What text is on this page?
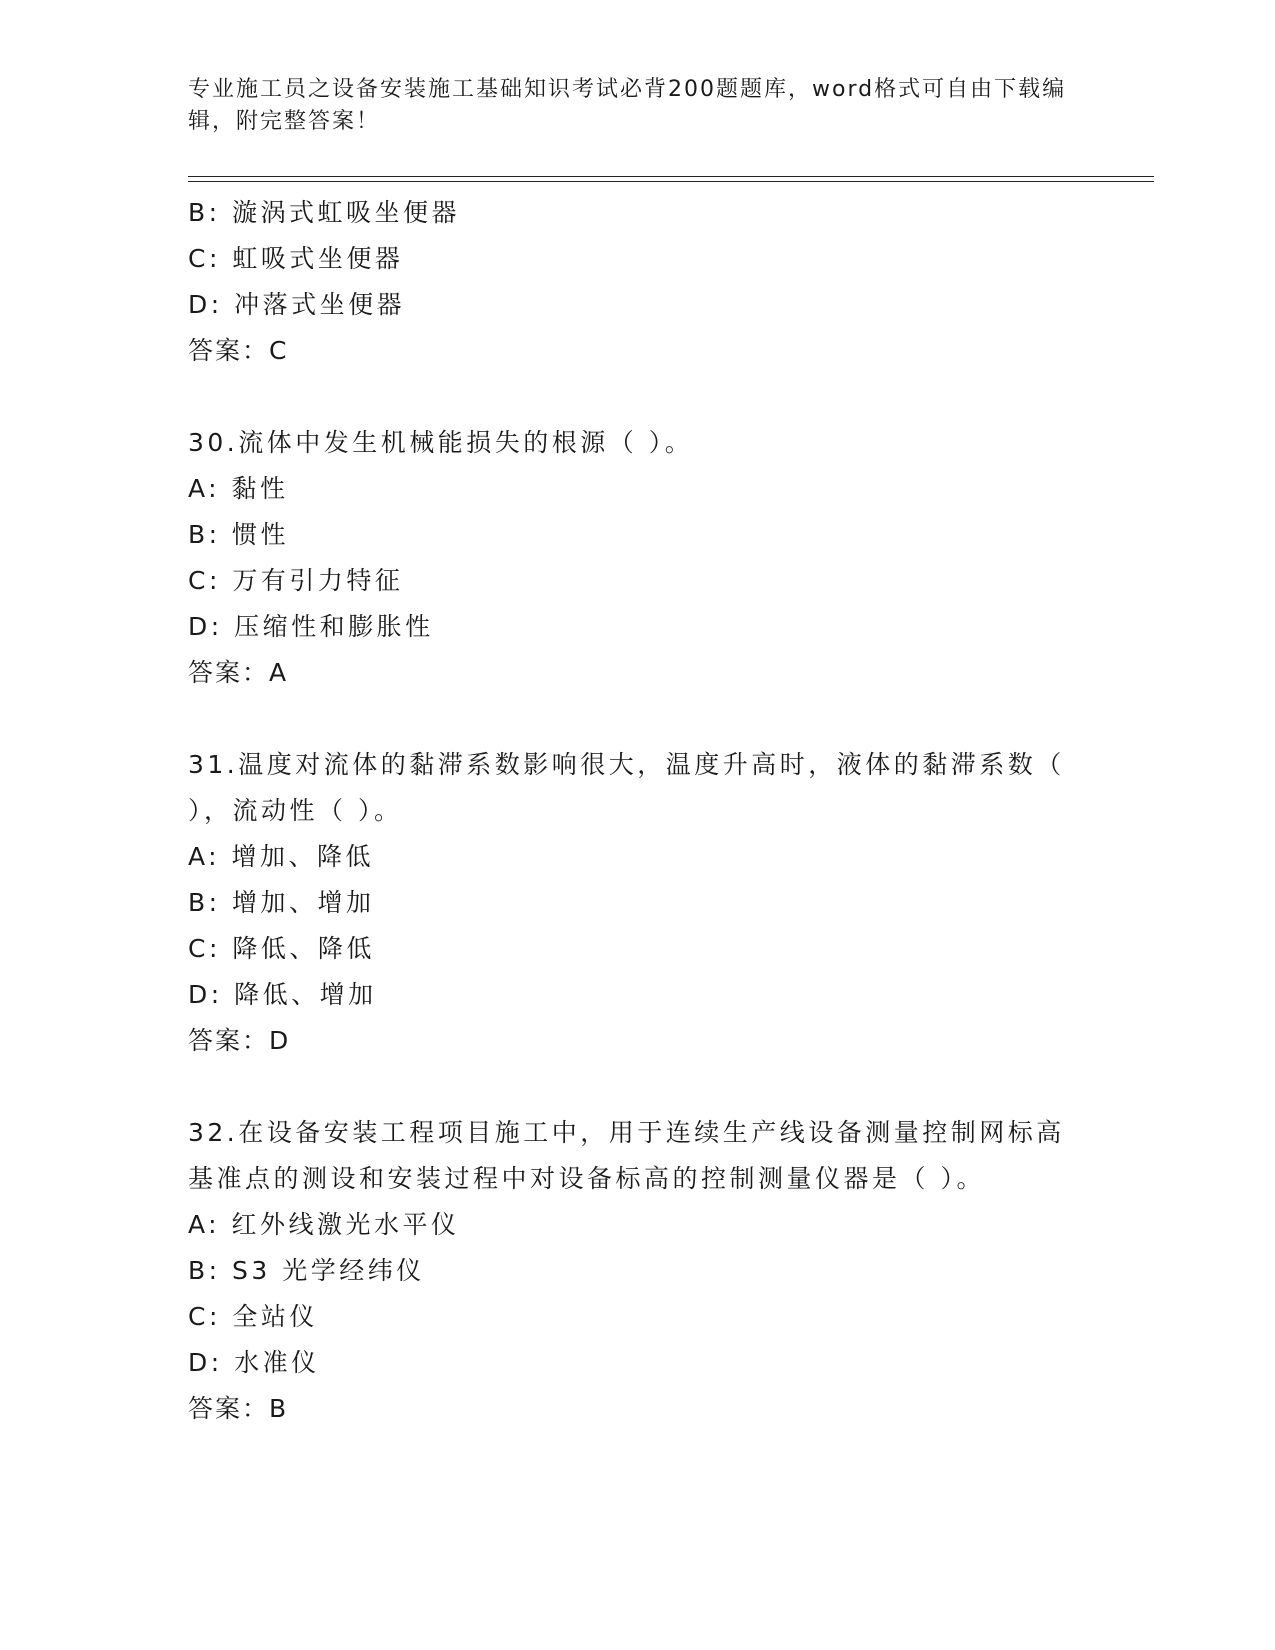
专业施工员之设备安装施工基础知识考试必背200题题库，word格式可自由下载编辑，附完整答案！

B: 漩涡式虹吸坐便器
C: 虹吸式坐便器
D: 冲落式坐便器
答案：C
30.流体中发生机械能损失的根源（ ）。
A: 黏性
B: 惯性
C: 万有引力特征
D: 压缩性和膨胀性
答案：A
31.温度对流体的黏滞系数影响很大，温度升高时，液体的黏滞系数（ ），流动性（ ）。
A: 增加、降低
B: 增加、增加
C: 降低、降低
D: 降低、增加
答案：D
32.在设备安装工程项目施工中，用于连续生产线设备测量控制网标高基准点的测设和安装过程中对设备标高的控制测量仪器是（ ）。
A: 红外线激光水平仪
B: S3 光学经纬仪
C: 全站仪
D: 水准仪
答案：B
